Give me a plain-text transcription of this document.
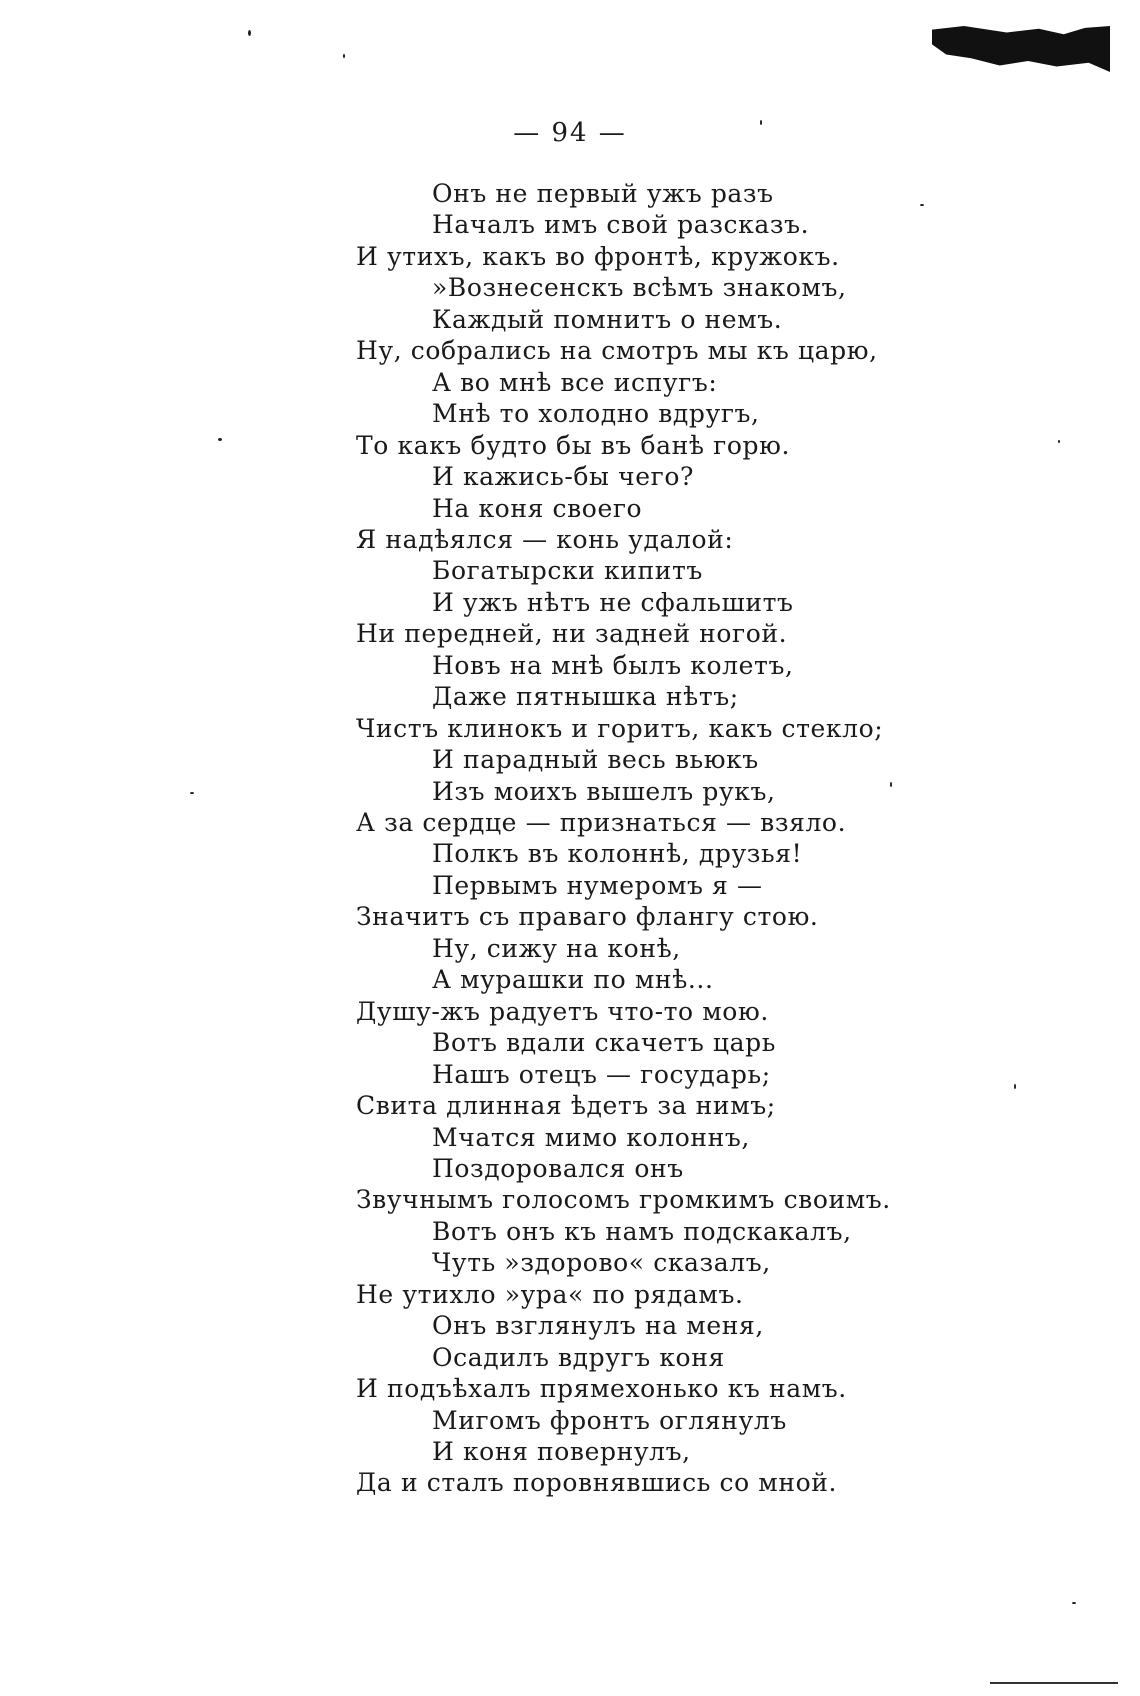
— 94 —
Онъ не первый ужъ разъ
Началъ имъ свой разсказъ.
И утихъ, какъ во фронтѣ, кружокъ.
»Вознесенскъ всѣмъ знакомъ,
Каждый помнитъ о немъ.
Ну, собрались на смотръ мы къ царю,
А во мнѣ все испугъ:
Мнѣ то холодно вдругъ,
То какъ будто бы въ банѣ горю.
И кажись-бы чего?
На коня своего
Я надѣялся — конь удалой:
Богатырски кипитъ
И ужъ нѣтъ не сфальшитъ
Ни передней, ни задней ногой.
Новъ на мнѣ былъ колетъ,
Даже пятнышка нѣтъ;
Чистъ клинокъ и горитъ, какъ стекло;
И парадный весь вьюкъ
Изъ моихъ вышелъ рукъ,
А за сердце — признаться — взяло.
Полкъ въ колоннѣ, друзья!
Первымъ нумеромъ я —
Значитъ съ праваго флангу стою.
Ну, сижу на конѣ,
А мурашки по мнѣ...
Душу-жъ радуетъ что-то мою.
Вотъ вдали скачетъ царь
Нашъ отецъ — государь;
Свита длинная ѣдетъ за нимъ;
Мчатся мимо колоннъ,
Поздоровался онъ
Звучнымъ голосомъ громкимъ своимъ.
Вотъ онъ къ намъ подскакалъ,
Чуть »здорово« сказалъ,
Не утихло »ура« по рядамъ.
Онъ взглянулъ на меня,
Осадилъ вдругъ коня
И подъѣхалъ прямехонько къ намъ.
Мигомъ фронтъ оглянулъ
И коня повернулъ,
Да и сталъ поровнявшись со мной.
